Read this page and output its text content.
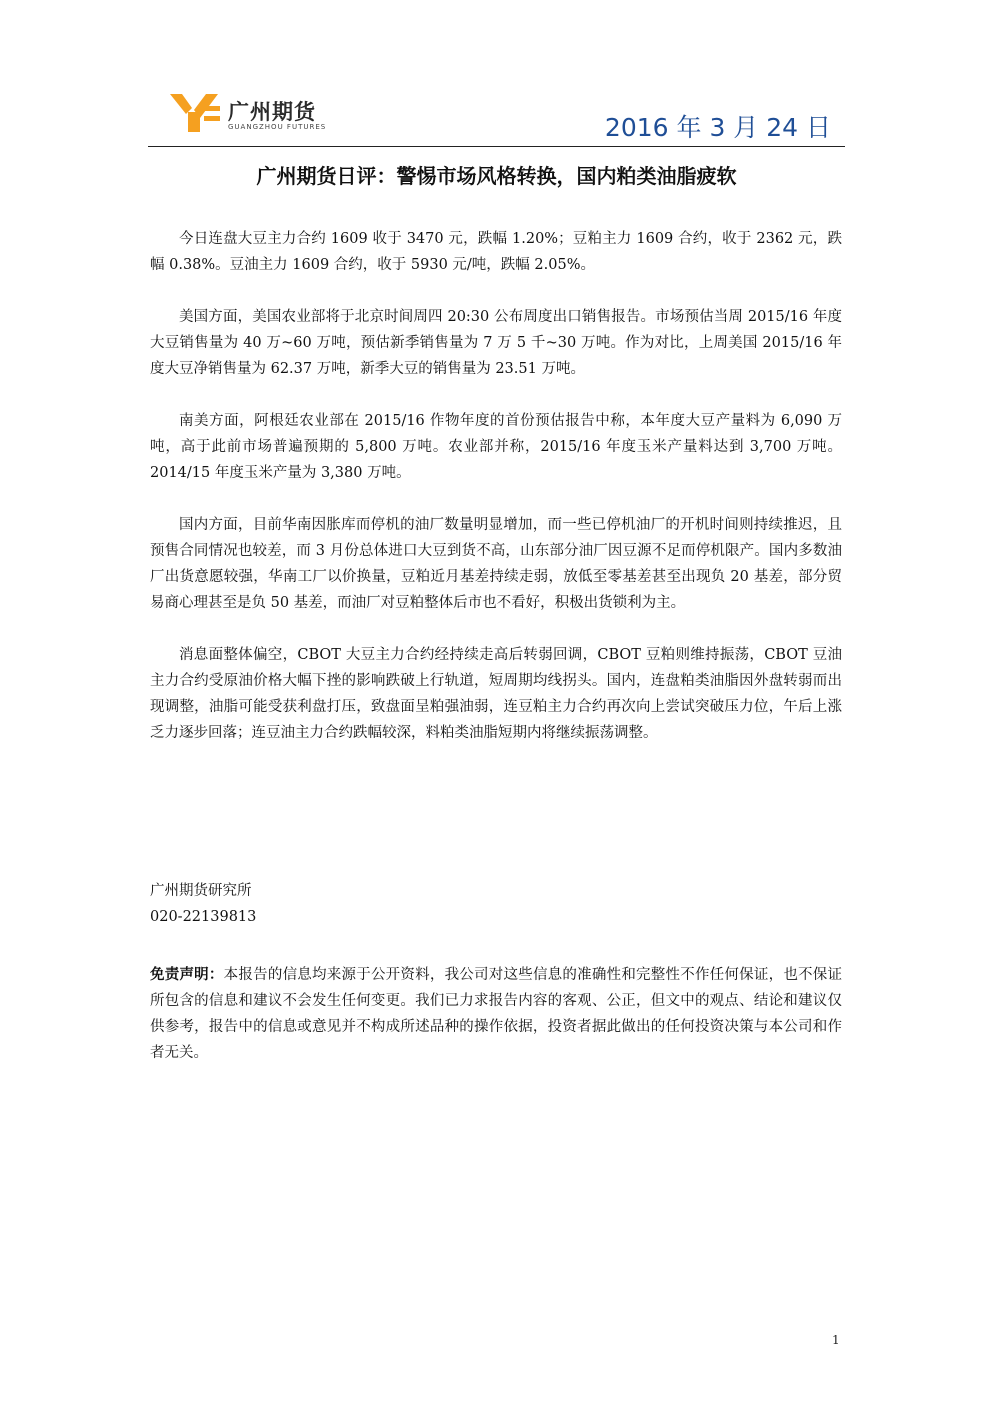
广州期货
GUANGZHOU FUTURES	2016 年 3 月 24 日
广州期货日评：警惕市场风格转换，国内粕类油脂疲软

今日连盘大豆主力合约 1609 收于 3470 元，跌幅 1.20%；豆粕主力 1609 合约，收于 2362 元，跌幅 0.38%。豆油主力 1609 合约，收于 5930 元/吨，跌幅 2.05%。

美国方面，美国农业部将于北京时间周四 20:30 公布周度出口销售报告。市场预估当周 2015/16 年度大豆销售量为 40 万~60 万吨，预估新季销售量为 7 万 5 千~30 万吨。作为对比，上周美国 2015/16 年度大豆净销售量为 62.37 万吨，新季大豆的销售量为 23.51 万吨。

南美方面，阿根廷农业部在 2015/16 作物年度的首份预估报告中称，本年度大豆产量料为 6,090 万吨，高于此前市场普遍预期的 5,800 万吨。农业部并称，2015/16 年度玉米产量料达到 3,700 万吨。2014/15 年度玉米产量为 3,380 万吨。

国内方面，目前华南因胀库而停机的油厂数量明显增加，而一些已停机油厂的开机时间则持续推迟，且预售合同情况也较差，而 3 月份总体进口大豆到货不高，山东部分油厂因豆源不足而停机限产。国内多数油厂出货意愿较强，华南工厂以价换量，豆粕近月基差持续走弱，放低至零基差甚至出现负 20 基差，部分贸易商心理甚至是负 50 基差，而油厂对豆粕整体后市也不看好，积极出货锁利为主。

消息面整体偏空，CBOT 大豆主力合约经持续走高后转弱回调，CBOT 豆粕则维持振荡，CBOT 豆油主力合约受原油价格大幅下挫的影响跌破上行轨道，短周期均线拐头。国内，连盘粕类油脂因外盘转弱而出现调整，油脂可能受获利盘打压，致盘面呈粕强油弱，连豆粕主力合约再次向上尝试突破压力位，午后上涨乏力逐步回落；连豆油主力合约跌幅较深，料粕类油脂短期内将继续振荡调整。

广州期货研究所
020-22139813
免责声明：本报告的信息均来源于公开资料，我公司对这些信息的准确性和完整性不作任何保证，也不保证所包含的信息和建议不会发生任何变更。我们已力求报告内容的客观、公正，但文中的观点、结论和建议仅供参考，报告中的信息或意见并不构成所述品种的操作依据，投资者据此做出的任何投资决策与本公司和作者无关。
1
